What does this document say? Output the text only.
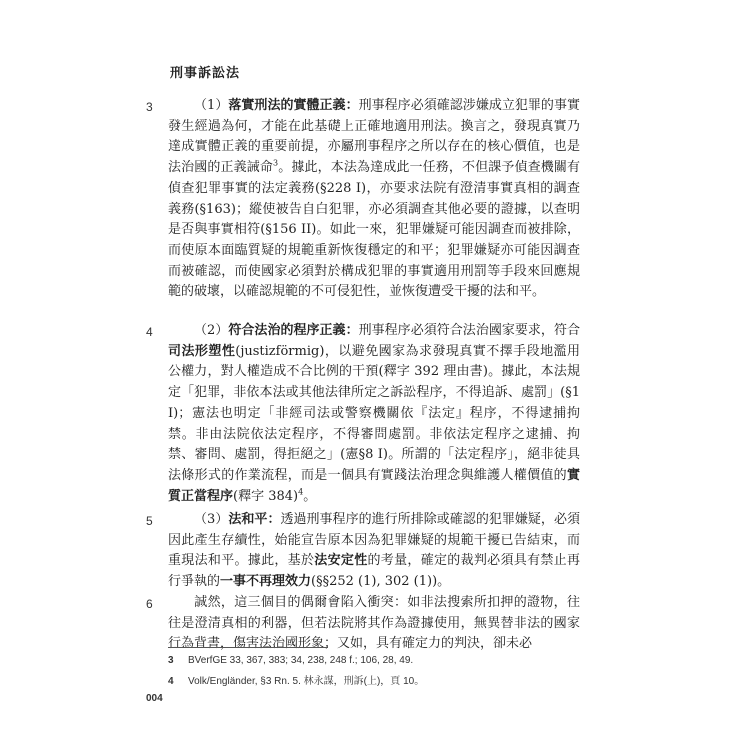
刑事訴訟法
3
4
5
6
（1）落實刑法的實體正義：刑事程序必須確認涉嫌成立犯罪的事實發生經過為何，才能在此基礎上正確地適用刑法。換言之，發現真實乃達成實體正義的重要前提，亦屬刑事程序之所以存在的核心價值，也是法治國的正義誡命$^3$。據此，本法為達成此一任務，不但課予偵查機關有偵查犯罪事實的法定義務(§228 I)，亦要求法院有澄清事實真相的調查義務(§163)；縱使被告自白犯罪，亦必須調查其他必要的證據，以查明是否與事實相符(§156 II)。如此一來，犯罪嫌疑可能因調查而被排除，而使原本面臨質疑的規範重新恢復穩定的和平；犯罪嫌疑亦可能因調查而被確認，而使國家必須對於構成犯罪的事實適用刑罰等手段來回應規範的破壞，以確認規範的不可侵犯性，並恢復遭受干擾的法和平。
（2）符合法治的程序正義：刑事程序必須符合法治國家要求，符合司法形塑性(justizförmig)，以避免國家為求發現真實不擇手段地濫用公權力，對人權造成不合比例的干預(釋字 392 理由書)。據此，本法規定「犯罪，非依本法或其他法律所定之訴訟程序，不得追訴、處罰」(§1 I)；憲法也明定「非經司法或警察機關依『法定』程序，不得逮捕拘禁。非由法院依法定程序，不得審問處罰。非依法定程序之逮捕、拘禁、審問、處罰，得拒絕之」(憲§8 I)。所謂的「法定程序」，絕非徒具法條形式的作業流程，而是一個具有實踐法治理念與維護人權價值的實質正當程序(釋字 384)$^4$。
（3）法和平：透過刑事程序的進行所排除或確認的犯罪嫌疑，必須因此產生存續性，始能宣告原本因為犯罪嫌疑的規範干擾已告結束，而重現法和平。據此，基於法安定性的考量，確定的裁判必須具有禁止再行爭執的一事不再理效力(§§252 (1), 302 (1))。
誠然，這三個目的偶爾會陷入衝突：如非法搜索所扣押的證物，往往是澄清真相的利器，但若法院將其作為證據使用，無異替非法的國家行為背書，傷害法治國形象；又如，具有確定力的判決，卻未必
3 BVerfGE 33, 367, 383; 34, 238, 248 f.; 106, 28, 49.
4 Volk/Engländer, §3 Rn. 5. 林永謀，刑訴(上)，頁 10。
004
